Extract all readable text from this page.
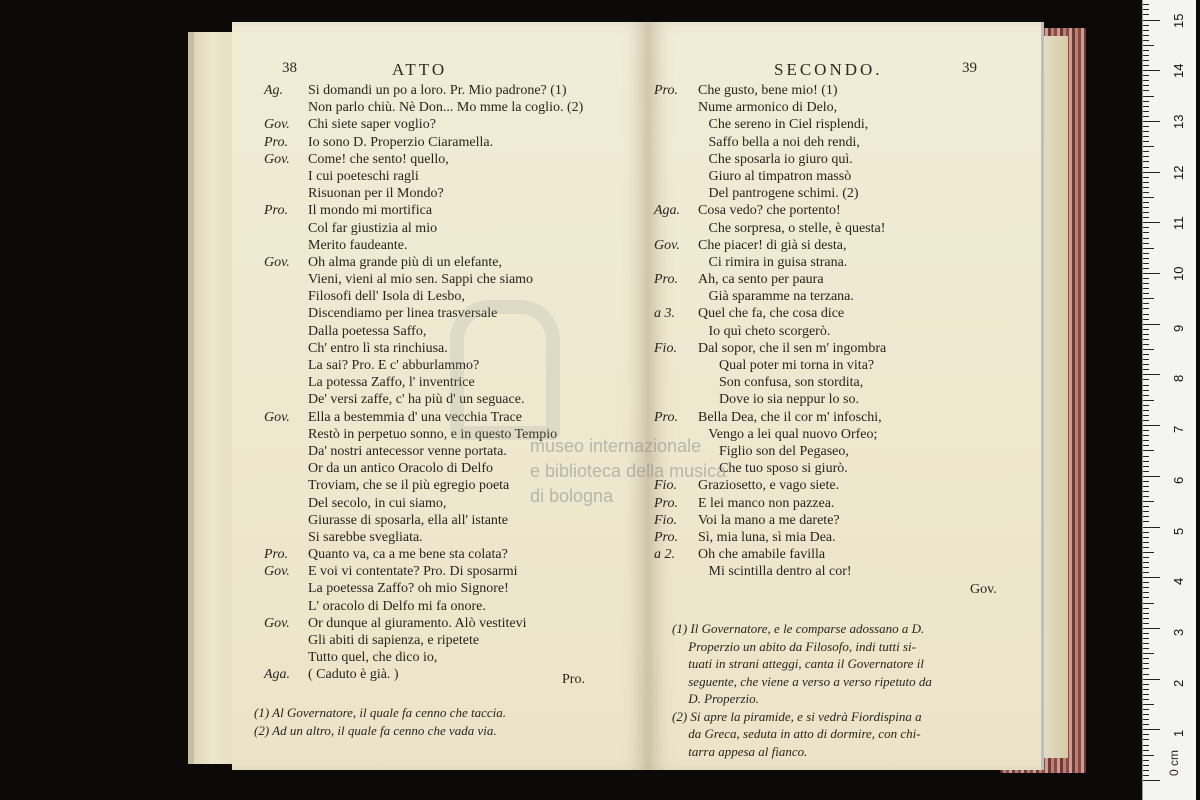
38	ATTO
Ag. Si domandi un po a loro. Pr. Mio padrone? (1)
Non parlo chiù. Nè Don... Mo mme la coglio. (2)
Gov. Chi siete saper voglio?
Pro. Io sono D. Properzio Ciaramella.
Gov. Come! che sento! quello,
I cui poeteschi ragli
Risuonan per il Mondo?
Pro. Il mondo mi mortifica
Col far giustizia al mio
Merito faudeante.
Gov. Oh alma grande più di un elefante,
Vieni, vieni al mio sen. Sappi che siamo
Filosofi dell' Isola di Lesbo,
Discendiamo per linea trasversale
Dalla poetessa Saffo,
Ch' entro lì sta rinchiusa.
La sai? Pro. E c' abburlammo?
La potessa Zaffo, l' inventrice
De' versi zaffe, c' ha più d' un seguace.
Gov. Ella a bestemmia d' una vecchia Trace
Restò in perpetuo sonno, e in questo Tempio
Da' nostri antecessor venne portata.
Or da un antico Oracolo di Delfo
Troviam, che se il più egregio poeta
Del secolo, in cui siamo,
Giurasse di sposarla, ella all' istante
Si sarebbe svegliata.
Pro. Quanto va, ca a me bene sta colata?
Gov. E voi vi contentate? Pro. Di sposarmi
La poetessa Zaffo? oh mio Signore!
L' oracolo di Delfo mi fa onore.
Gov. Or dunque al giuramento. Alò vestitevi
Gli abiti di sapienza, e ripetete
Tutto quel, che dico io,
Aga. ( Caduto è già. )	Pro.
(1) Al Governatore, il quale fa cenno che taccia.
(2) Ad un altro, il quale fa cenno che vada via.
SECONDO.	39
Pro. Che gusto, bene mio! (1)
Nume armonico di Delo,
Che sereno in Ciel risplendi,
Saffo bella a noi deh rendi,
Che sposarla io giuro quì.
Giuro al timpatron massò
Del pantrogene schimi. (2)
Aga. Cosa vedo? che portento!
Che sorpresa, o stelle, è questa!
Gov. Che piacer! di già si desta,
Ci rimira in guisa strana.
Pro. Ah, ca sento per paura
Già sparamme na terzana.
a 3. Quel che fa, che cosa dice
Io quì cheto scorgerò.
Fio. Dal sopor, che il sen m' ingombra
Qual poter mi torna in vita?
Son confusa, son stordita,
Dove io sia neppur lo so.
Pro. Bella Dea, che il cor m' infoschi,
Vengo a lei qual nuovo Orfeo;
Figlio son del Pegaseo,
Che tuo sposo si giurò.
Fio. Graziosetto, e vago siete.
Pro. E lei manco non pazzea.
Fio. Voi la mano a me darete?
Pro. Sì, mia luna, sì mia Dea.
a 2. Oh che amabile favilla
Mi scintilla dentro al cor!
Gov.
(1) Il Governatore, e le comparse adossano a D.
Properzio un abito da Filosofo, indi tutti si-
tuati in strani atteggi, canta il Governatore il
seguente, che viene a verso a verso ripetuto da
D. Properzio.
(2) Si apre la piramide, e si vedrà Fiordispina a
da Greca, seduta in atto di dormire, con chi-
tarra appesa al fianco.
museo internazionale
e biblioteca della musica
di bologna
0 cm
15
14
13
12
11
10
9
8
7
6
5
4
3
2
1
